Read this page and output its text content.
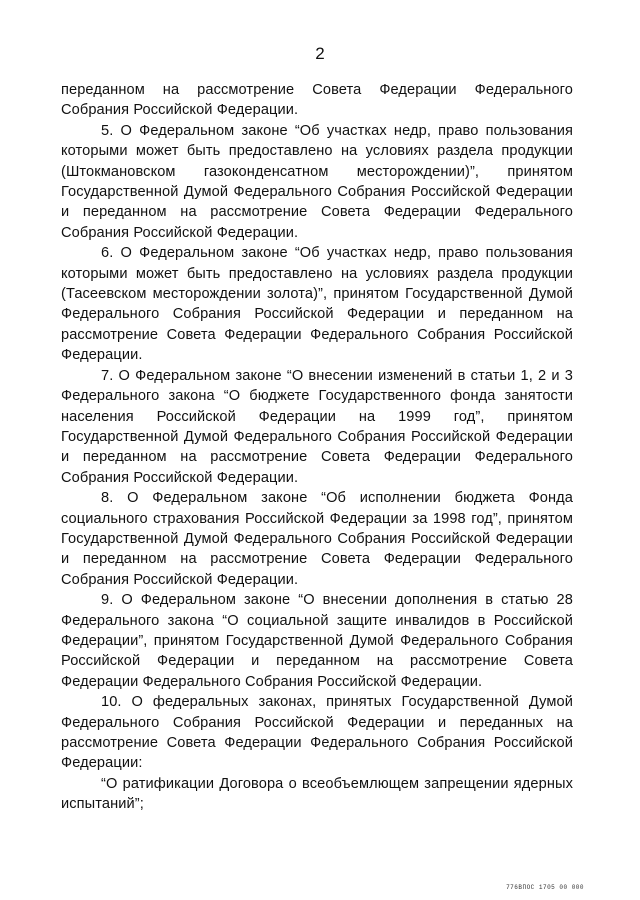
2

переданном на рассмотрение Совета Федерации Федерального Собрания Российской Федерации.

5. О Федеральном законе “Об участках недр, право пользования которыми может быть предоставлено на условиях раздела продукции (Штокмановском газоконденсатном месторождении)”, принятом Государственной Думой Федерального Собрания Российской Федерации и переданном на рассмотрение Совета Федерации Федерального Собрания Российской Федерации.

6. О Федеральном законе “Об участках недр, право пользования которыми может быть предоставлено на условиях раздела продукции (Тасеевском месторождении золота)”, принятом Государственной Думой Федерального Собрания Российской Федерации и переданном на рассмотрение Совета Федерации Федерального Собрания Российской Федерации.

7. О Федеральном законе “О внесении изменений в статьи 1, 2 и 3 Федерального закона “О бюджете Государственного фонда занятости населения Российской Федерации на 1999 год”, принятом Государственной Думой Федерального Собрания Российской Федерации и переданном на рассмотрение Совета Федерации Федерального Собрания Российской Федерации.

8. О Федеральном законе “Об исполнении бюджета Фонда социального страхования Российской Федерации за 1998 год”, принятом Государственной Думой Федерального Собрания Российской Федерации и переданном на рассмотрение Совета Федерации Федерального Собрания Российской Федерации.

9. О Федеральном законе “О внесении дополнения в статью 28 Федерального закона “О социальной защите инвалидов в Российской Федерации”, принятом Государственной Думой Федерального Собрания Российской Федерации и переданном на рассмотрение Совета Федерации Федерального Собрания Российской Федерации.

10. О федеральных законах, принятых Государственной Думой Федерального Собрания Российской Федерации и переданных на рассмотрение Совета Федерации Федерального Собрания Российской Федерации:

“О ратификации Договора о всеобъемлющем запрещении ядерных испытаний”;

776ВПОС 1705 00 000
